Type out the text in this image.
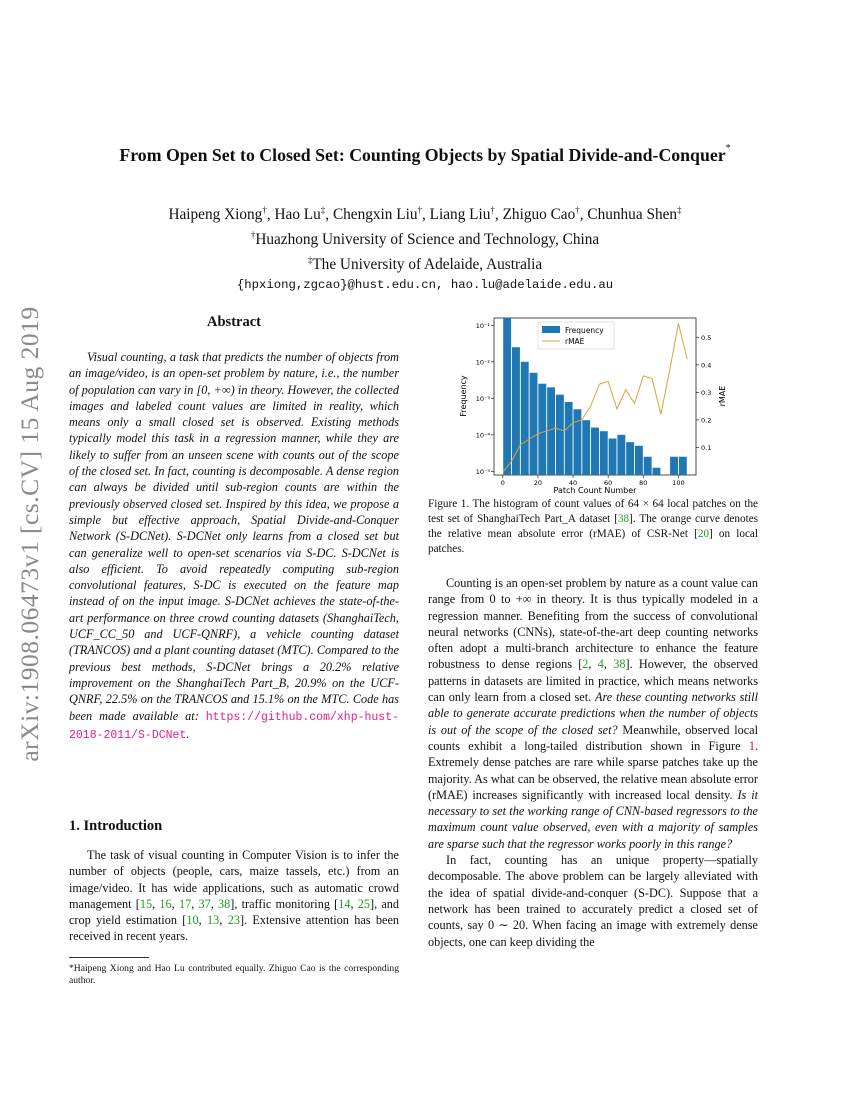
arXiv:1908.06473v1 [cs.CV] 15 Aug 2019
From Open Set to Closed Set: Counting Objects by Spatial Divide-and-Conquer*
Haipeng Xiong†, Hao Lu‡, Chengxin Liu†, Liang Liu†, Zhiguo Cao†, Chunhua Shen‡
†Huazhong University of Science and Technology, China
‡The University of Adelaide, Australia
{hpxiong,zgcao}@hust.edu.cn, hao.lu@adelaide.edu.au
Abstract
Visual counting, a task that predicts the number of objects from an image/video, is an open-set problem by nature, i.e., the number of population can vary in [0, +∞) in theory. However, the collected images and labeled count values are limited in reality, which means only a small closed set is observed. Existing methods typically model this task in a regression manner, while they are likely to suffer from an unseen scene with counts out of the scope of the closed set. In fact, counting is decomposable. A dense region can always be divided until sub-region counts are within the previously observed closed set. Inspired by this idea, we propose a simple but effective approach, Spatial Divide-and-Conquer Network (S-DCNet). S-DCNet only learns from a closed set but can generalize well to open-set scenarios via S-DC. S-DCNet is also efficient. To avoid repeatedly computing sub-region convolutional features, S-DC is executed on the feature map instead of on the input image. S-DCNet achieves the state-of-the-art performance on three crowd counting datasets (ShanghaiTech, UCF_CC_50 and UCF-QNRF), a vehicle counting dataset (TRANCOS) and a plant counting dataset (MTC). Compared to the previous best methods, S-DCNet brings a 20.2% relative improvement on the ShanghaiTech Part_B, 20.9% on the UCF-QNRF, 22.5% on the TRANCOS and 15.1% on the MTC. Code has been made available at: https://github.com/xhp-hust-2018-2011/S-DCNet.
1. Introduction
The task of visual counting in Computer Vision is to infer the number of objects (people, cars, maize tassels, etc.) from an image/video. It has wide applications, such as automatic crowd management [15, 16, 17, 37, 38], traffic monitoring [14, 25], and crop yield estimation [10, 13, 23]. Extensive attention has been received in recent years.
*Haipeng Xiong and Hao Lu contributed equally. Zhiguo Cao is the corresponding author.
0	20	40	60	80	100
10⁻⁵
10⁻⁴
10⁻³
10⁻²
10⁻¹
0.1
0.2
0.3
0.4
0.5
Patch Count Number
Frequency	rMAE
Frequency
rMAE
Figure 1. The histogram of count values of 64 × 64 local patches on the test set of ShanghaiTech Part_A dataset [38]. The orange curve denotes the relative mean absolute error (rMAE) of CSR-Net [20] on local patches.
Counting is an open-set problem by nature as a count value can range from 0 to +∞ in theory. It is thus typically modeled in a regression manner. Benefiting from the success of convolutional neural networks (CNNs), state-of-the-art deep counting networks often adopt a multi-branch architecture to enhance the feature robustness to dense regions [2, 4, 38]. However, the observed patterns in datasets are limited in practice, which means networks can only learn from a closed set. Are these counting networks still able to generate accurate predictions when the number of objects is out of the scope of the closed set? Meanwhile, observed local counts exhibit a long-tailed distribution shown in Figure 1. Extremely dense patches are rare while sparse patches take up the majority. As what can be observed, the relative mean absolute error (rMAE) increases significantly with increased local density. Is it necessary to set the working range of CNN-based regressors to the maximum count value observed, even with a majority of samples are sparse such that the regressor works poorly in this range?
In fact, counting has an unique property—spatially decomposable. The above problem can be largely alleviated with the idea of spatial divide-and-conquer (S-DC). Suppose that a network has been trained to accurately predict a closed set of counts, say 0 ∼ 20. When facing an image with extremely dense objects, one can keep dividing the
